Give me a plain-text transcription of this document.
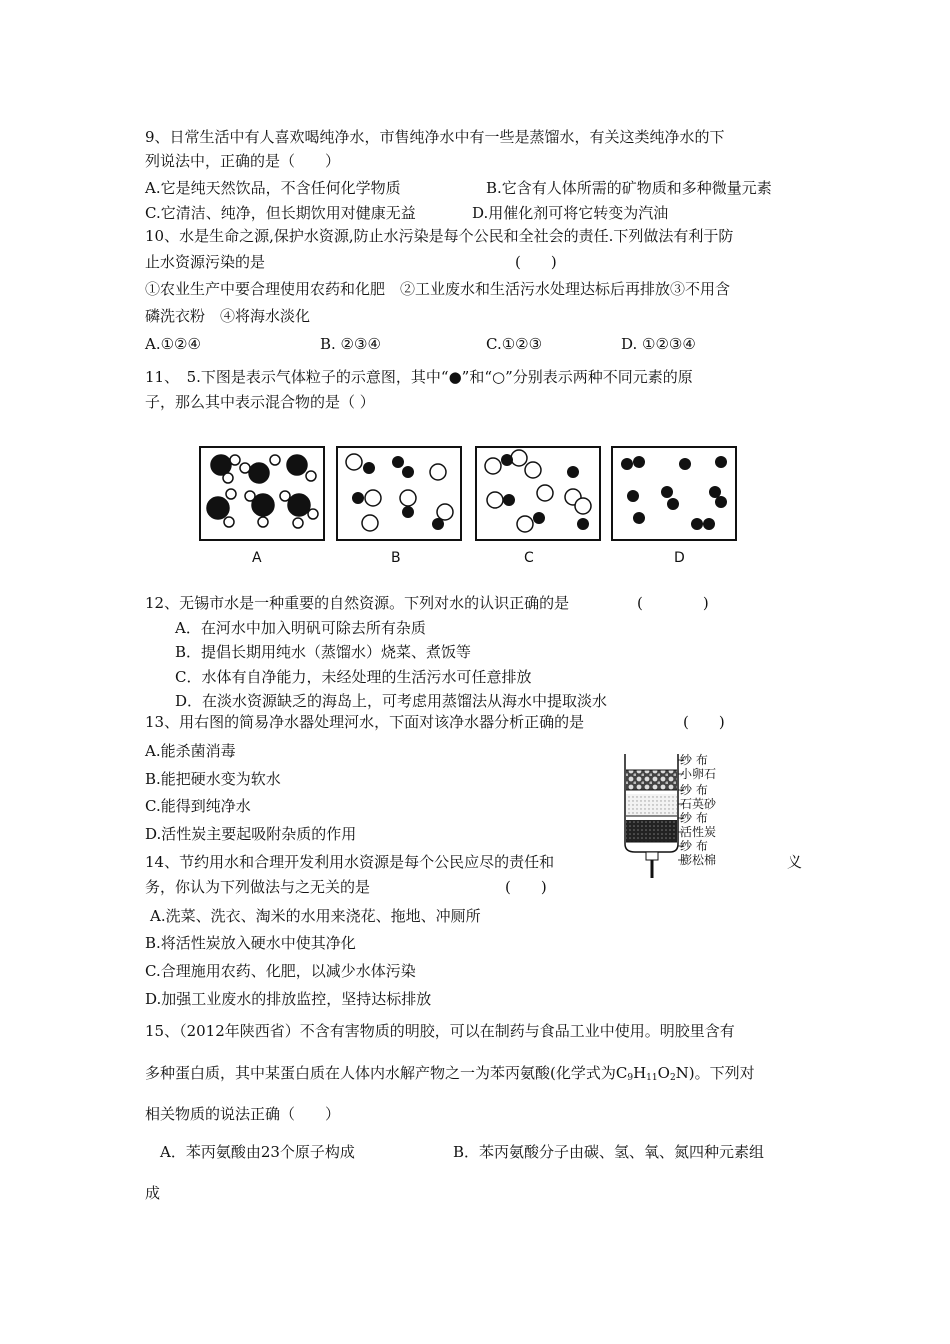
9、日常生活中有人喜欢喝纯净水，市售纯净水中有一些是蒸馏水，有关这类纯净水的下
列说法中，正确的是（　　）
A.它是纯天然饮品，不含任何化学物质	B.它含有人体所需的矿物质和多种微量元素
C.它清洁、纯净，但长期饮用对健康无益	D.用催化剂可将它转变为汽油
10、水是生命之源,保护水资源,防止水污染是每个公民和全社会的责任.下列做法有利于防
止水资源污染的是	(　　)
①农业生产中要合理使用农药和化肥　②工业废水和生活污水处理达标后再排放③不用含
磷洗衣粉　④将海水淡化
A.①②④	B. ②③④	C.①②③	D. ①②③④
11、　5.下图是表示气体粒子的示意图，其中“●”和“○”分别表示两种不同元素的原
子，那么其中表示混合物的是（ ）
A	B	C	D
12、无锡市水是一种重要的自然资源。下列对水的认识正确的是	(　　　　)
A．在河水中加入明矾可除去所有杂质
B．提倡长期用纯水（蒸馏水）烧菜、煮饭等
C．水体有自净能力，未经处理的生活污水可任意排放
D．在淡水资源缺乏的海岛上，可考虑用蒸馏法从海水中提取淡水
13、用右图的简易净水器处理河水，下面对该净水器分析正确的是	(　　)
A.能杀菌消毒
B.能把硬水变为软水
C.能得到纯净水
D.活性炭主要起吸附杂质的作用
纱 布
小卵石
纱 布
石英砂
纱 布
活性炭
纱 布
膨松棉
14、节约用水和合理开发利用水资源是每个公民应尽的责任和	义
务，你认为下列做法与之无关的是	(　　)
A.洗菜、洗衣、淘米的水用来浇花、拖地、冲厕所
B.将活性炭放入硬水中使其净化
C.合理施用农药、化肥，以减少水体污染
D.加强工业废水的排放监控，坚持达标排放
15、（2012年陕西省）不含有害物质的明胶，可以在制药与食品工业中使用。明胶里含有
多种蛋白质，其中某蛋白质在人体内水解产物之一为苯丙氨酸(化学式为$C_9H_{11}O_2N$)。下列对
相关物质的说法正确（　　）
A．苯丙氨酸由23个原子构成	B．苯丙氨酸分子由碳、氢、氧、氮四种元素组
成
